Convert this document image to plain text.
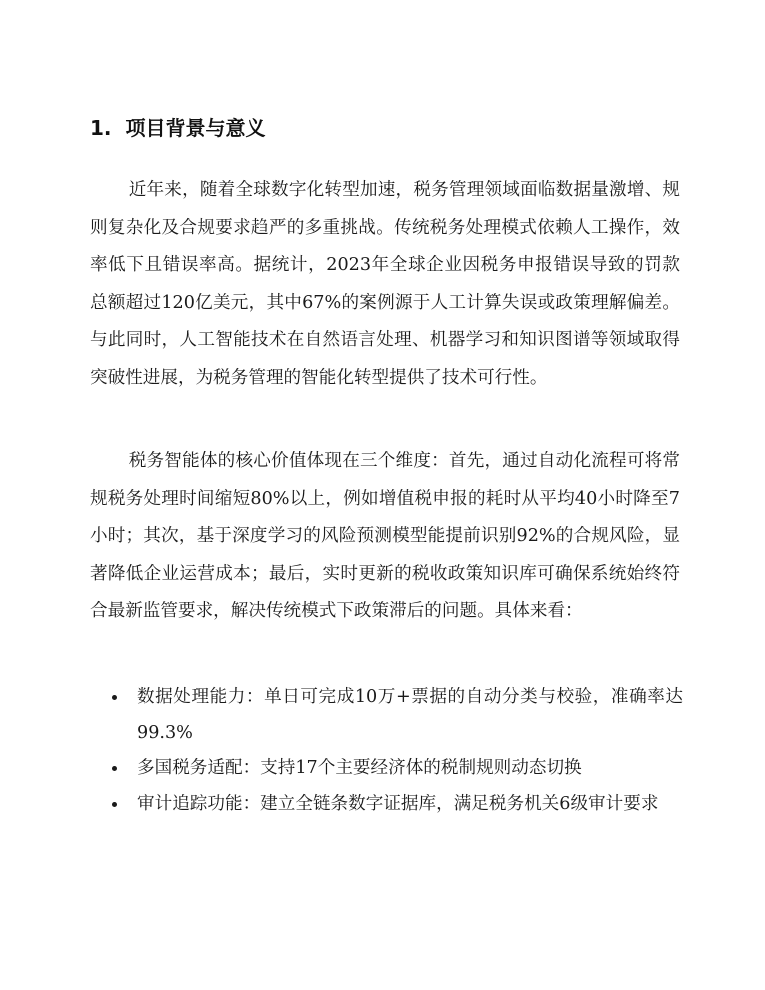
1. 项目背景与意义

近年来，随着全球数字化转型加速，税务管理领域面临数据量激增、规则复杂化及合规要求趋严的多重挑战。传统税务处理模式依赖人工操作，效率低下且错误率高。据统计，2023年全球企业因税务申报错误导致的罚款总额超过120亿美元，其中67%的案例源于人工计算失误或政策理解偏差。与此同时，人工智能技术在自然语言处理、机器学习和知识图谱等领域取得突破性进展，为税务管理的智能化转型提供了技术可行性。

税务智能体的核心价值体现在三个维度：首先，通过自动化流程可将常规税务处理时间缩短80%以上，例如增值税申报的耗时从平均40小时降至7小时；其次，基于深度学习的风险预测模型能提前识别92%的合规风险，显著降低企业运营成本；最后，实时更新的税收政策知识库可确保系统始终符合最新监管要求，解决传统模式下政策滞后的问题。具体来看：

数据处理能力：单日可完成10万+票据的自动分类与校验，准确率达99.3%
多国税务适配：支持17个主要经济体的税制规则动态切换
审计追踪功能：建立全链条数字证据库，满足税务机关6级审计要求
